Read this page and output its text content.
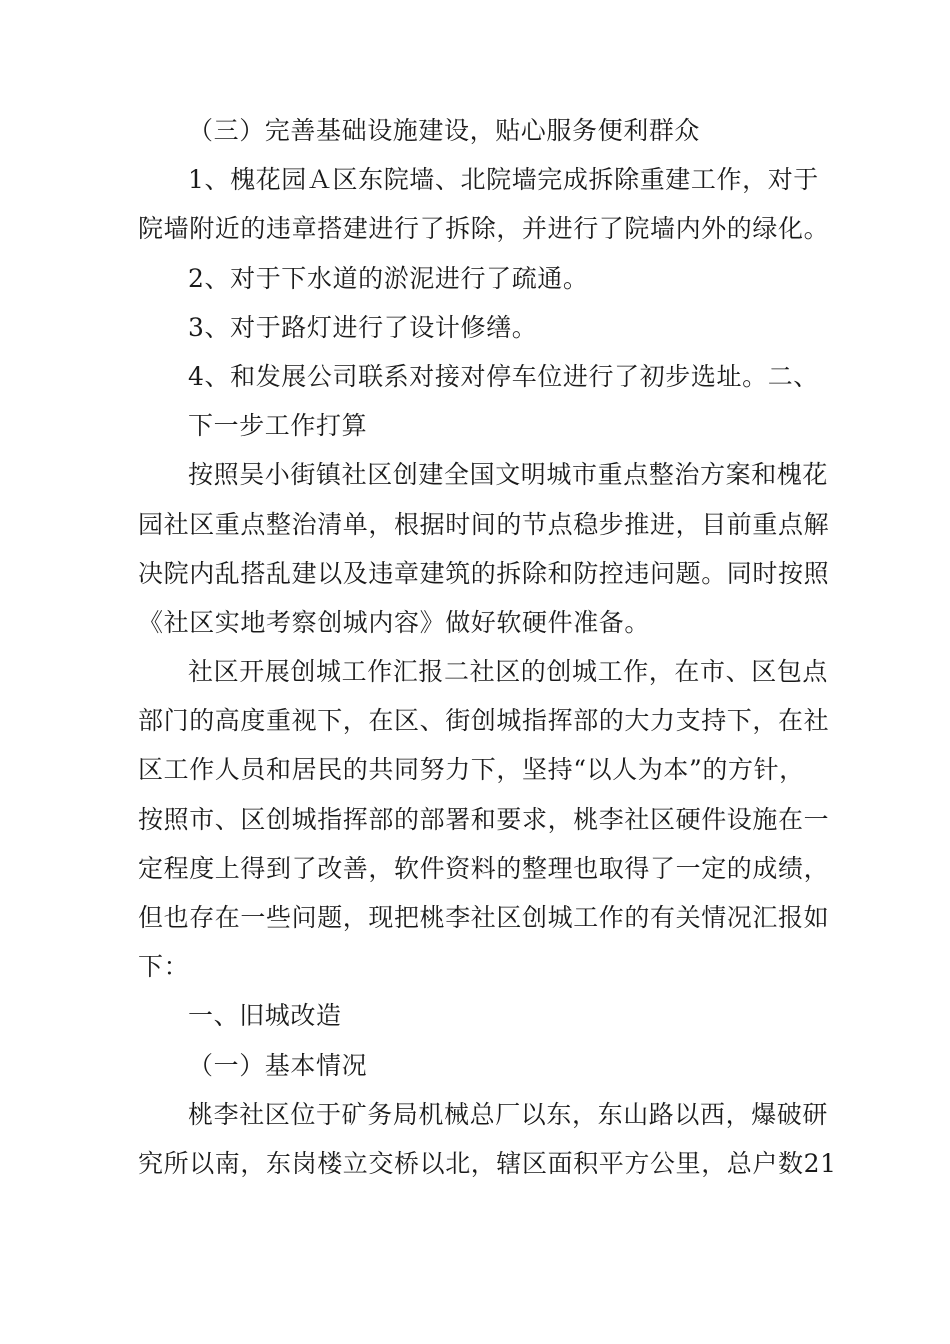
（三）完善基础设施建设，贴心服务便利群众
1、槐花园Ａ区东院墙、北院墙完成拆除重建工作，对于
院墙附近的违章搭建进行了拆除，并进行了院墙内外的绿化。
2、对于下水道的淤泥进行了疏通。
3、对于路灯进行了设计修缮。
4、和发展公司联系对接对停车位进行了初步选址。二、
下一步工作打算
按照吴小街镇社区创建全国文明城市重点整治方案和槐花
园社区重点整治清单，根据时间的节点稳步推进，目前重点解
决院内乱搭乱建以及违章建筑的拆除和防控违问题。同时按照
《社区实地考察创城内容》做好软硬件准备。
社区开展创城工作汇报二社区的创城工作，在市、区包点
部门的高度重视下，在区、街创城指挥部的大力支持下，在社
区工作人员和居民的共同努力下，坚持“以人为本”的方针，
按照市、区创城指挥部的部署和要求，桃李社区硬件设施在一
定程度上得到了改善，软件资料的整理也取得了一定的成绩，
但也存在一些问题，现把桃李社区创城工作的有关情况汇报如
下：
一、旧城改造
（一）基本情况
桃李社区位于矿务局机械总厂以东，东山路以西，爆破研
究所以南，东岗楼立交桥以北，辖区面积平方公里，总户数21
